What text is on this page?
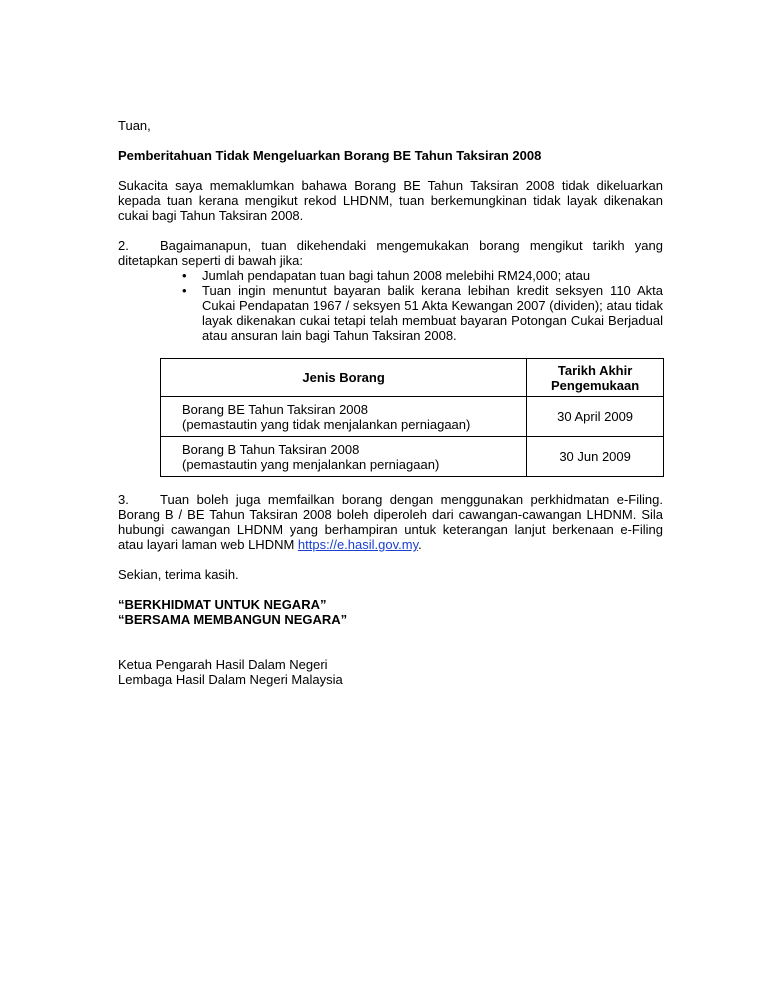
Tuan,

Pemberitahuan Tidak Mengeluarkan Borang BE Tahun Taksiran 2008

Sukacita saya memaklumkan bahawa Borang BE Tahun Taksiran 2008 tidak dikeluarkan kepada tuan kerana mengikut rekod LHDNM, tuan berkemungkinan tidak layak dikenakan cukai bagi Tahun Taksiran 2008.

2. Bagaimanapun, tuan dikehendaki mengemukakan borang mengikut tarikh yang ditetapkan seperti di bawah jika:

•	Jumlah pendapatan tuan bagi tahun 2008 melebihi RM24,000; atau
•	Tuan ingin menuntut bayaran balik kerana lebihan kredit seksyen 110 Akta Cukai Pendapatan 1967 / seksyen 51 Akta Kewangan 2007 (dividen); atau tidak layak dikenakan cukai tetapi telah membuat bayaran Potongan Cukai Berjadual atau ansuran lain bagi Tahun Taksiran 2008.
Jenis Borang	Tarikh Akhir Pengemukaan

Borang BE Tahun Taksiran 2008
(pemastautin yang tidak menjalankan perniagaan)	30 April 2009

Borang B Tahun Taksiran 2008
(pemastautin yang menjalankan perniagaan)	30 Jun 2009

3. Tuan boleh juga memfailkan borang dengan menggunakan perkhidmatan e-Filing. Borang B / BE Tahun Taksiran 2008 boleh diperoleh dari cawangan-cawangan LHDNM. Sila hubungi cawangan LHDNM yang berhampiran untuk keterangan lanjut berkenaan e-Filing atau layari laman web LHDNM https://e.hasil.gov.my.

Sekian, terima kasih.

“BERKHIDMAT UNTUK NEGARA”

“BERSAMA MEMBANGUN NEGARA”

Ketua Pengarah Hasil Dalam Negeri

Lembaga Hasil Dalam Negeri Malaysia
